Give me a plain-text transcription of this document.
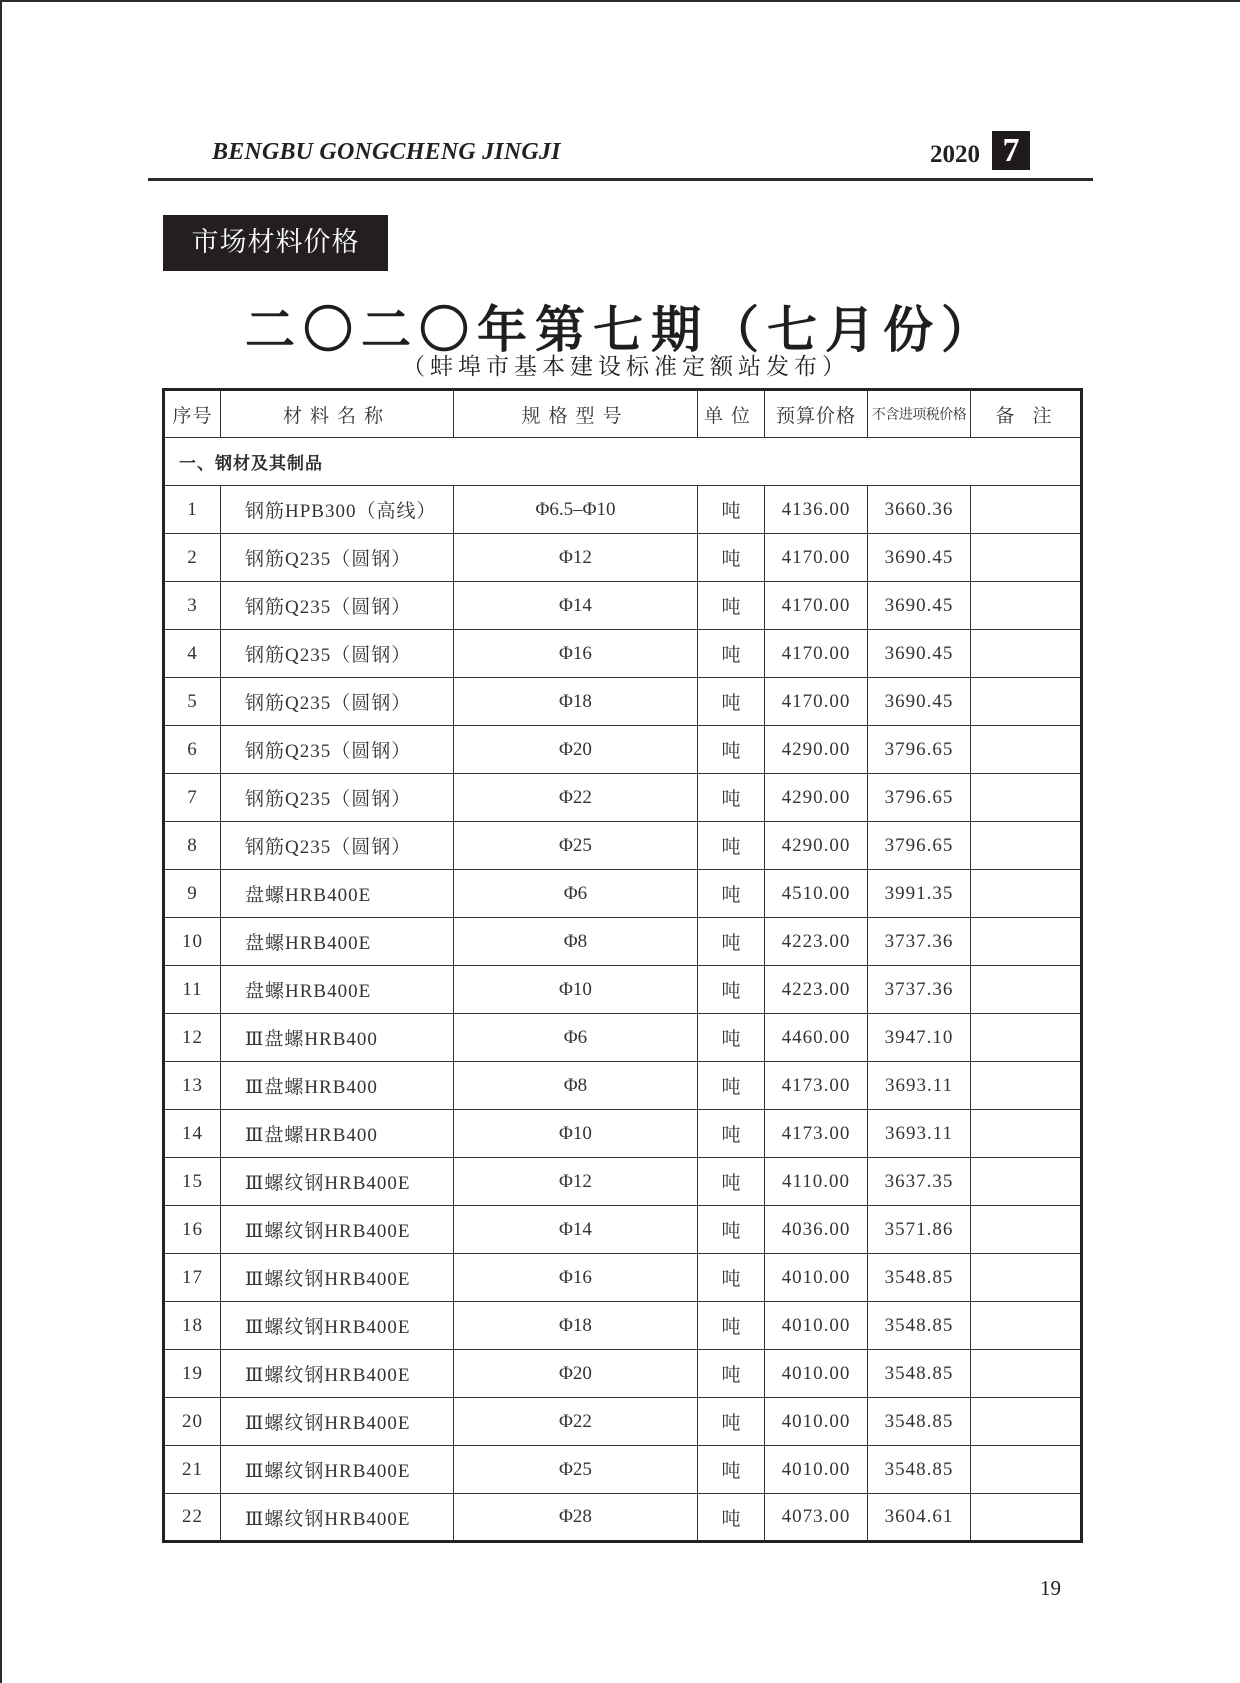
BENGBU GONGCHENG JINGJI	2020 7
市场材料价格
二〇二〇年第七期（七月份）
（蚌埠市基本建设标准定额站发布）
序号	材料名称	规格型号	单位	预算价格	不含进项税价格	备注
一、钢材及其制品						
1	钢筋HPB300（高线）	Φ6.5–Φ10	吨	4136.00	3660.36	
2	钢筋Q235（圆钢）	Φ12	吨	4170.00	3690.45	
3	钢筋Q235（圆钢）	Φ14	吨	4170.00	3690.45	
4	钢筋Q235（圆钢）	Φ16	吨	4170.00	3690.45	
5	钢筋Q235（圆钢）	Φ18	吨	4170.00	3690.45	
6	钢筋Q235（圆钢）	Φ20	吨	4290.00	3796.65	
7	钢筋Q235（圆钢）	Φ22	吨	4290.00	3796.65	
8	钢筋Q235（圆钢）	Φ25	吨	4290.00	3796.65	
9	盘螺HRB400E	Φ6	吨	4510.00	3991.35	
10	盘螺HRB400E	Φ8	吨	4223.00	3737.36	
11	盘螺HRB400E	Φ10	吨	4223.00	3737.36	
12	Ⅲ盘螺HRB400	Φ6	吨	4460.00	3947.10	
13	Ⅲ盘螺HRB400	Φ8	吨	4173.00	3693.11	
14	Ⅲ盘螺HRB400	Φ10	吨	4173.00	3693.11	
15	Ⅲ螺纹钢HRB400E	Φ12	吨	4110.00	3637.35	
16	Ⅲ螺纹钢HRB400E	Φ14	吨	4036.00	3571.86	
17	Ⅲ螺纹钢HRB400E	Φ16	吨	4010.00	3548.85	
18	Ⅲ螺纹钢HRB400E	Φ18	吨	4010.00	3548.85	
19	Ⅲ螺纹钢HRB400E	Φ20	吨	4010.00	3548.85	
20	Ⅲ螺纹钢HRB400E	Φ22	吨	4010.00	3548.85	
21	Ⅲ螺纹钢HRB400E	Φ25	吨	4010.00	3548.85	
22	Ⅲ螺纹钢HRB400E	Φ28	吨	4073.00	3604.61	
19
